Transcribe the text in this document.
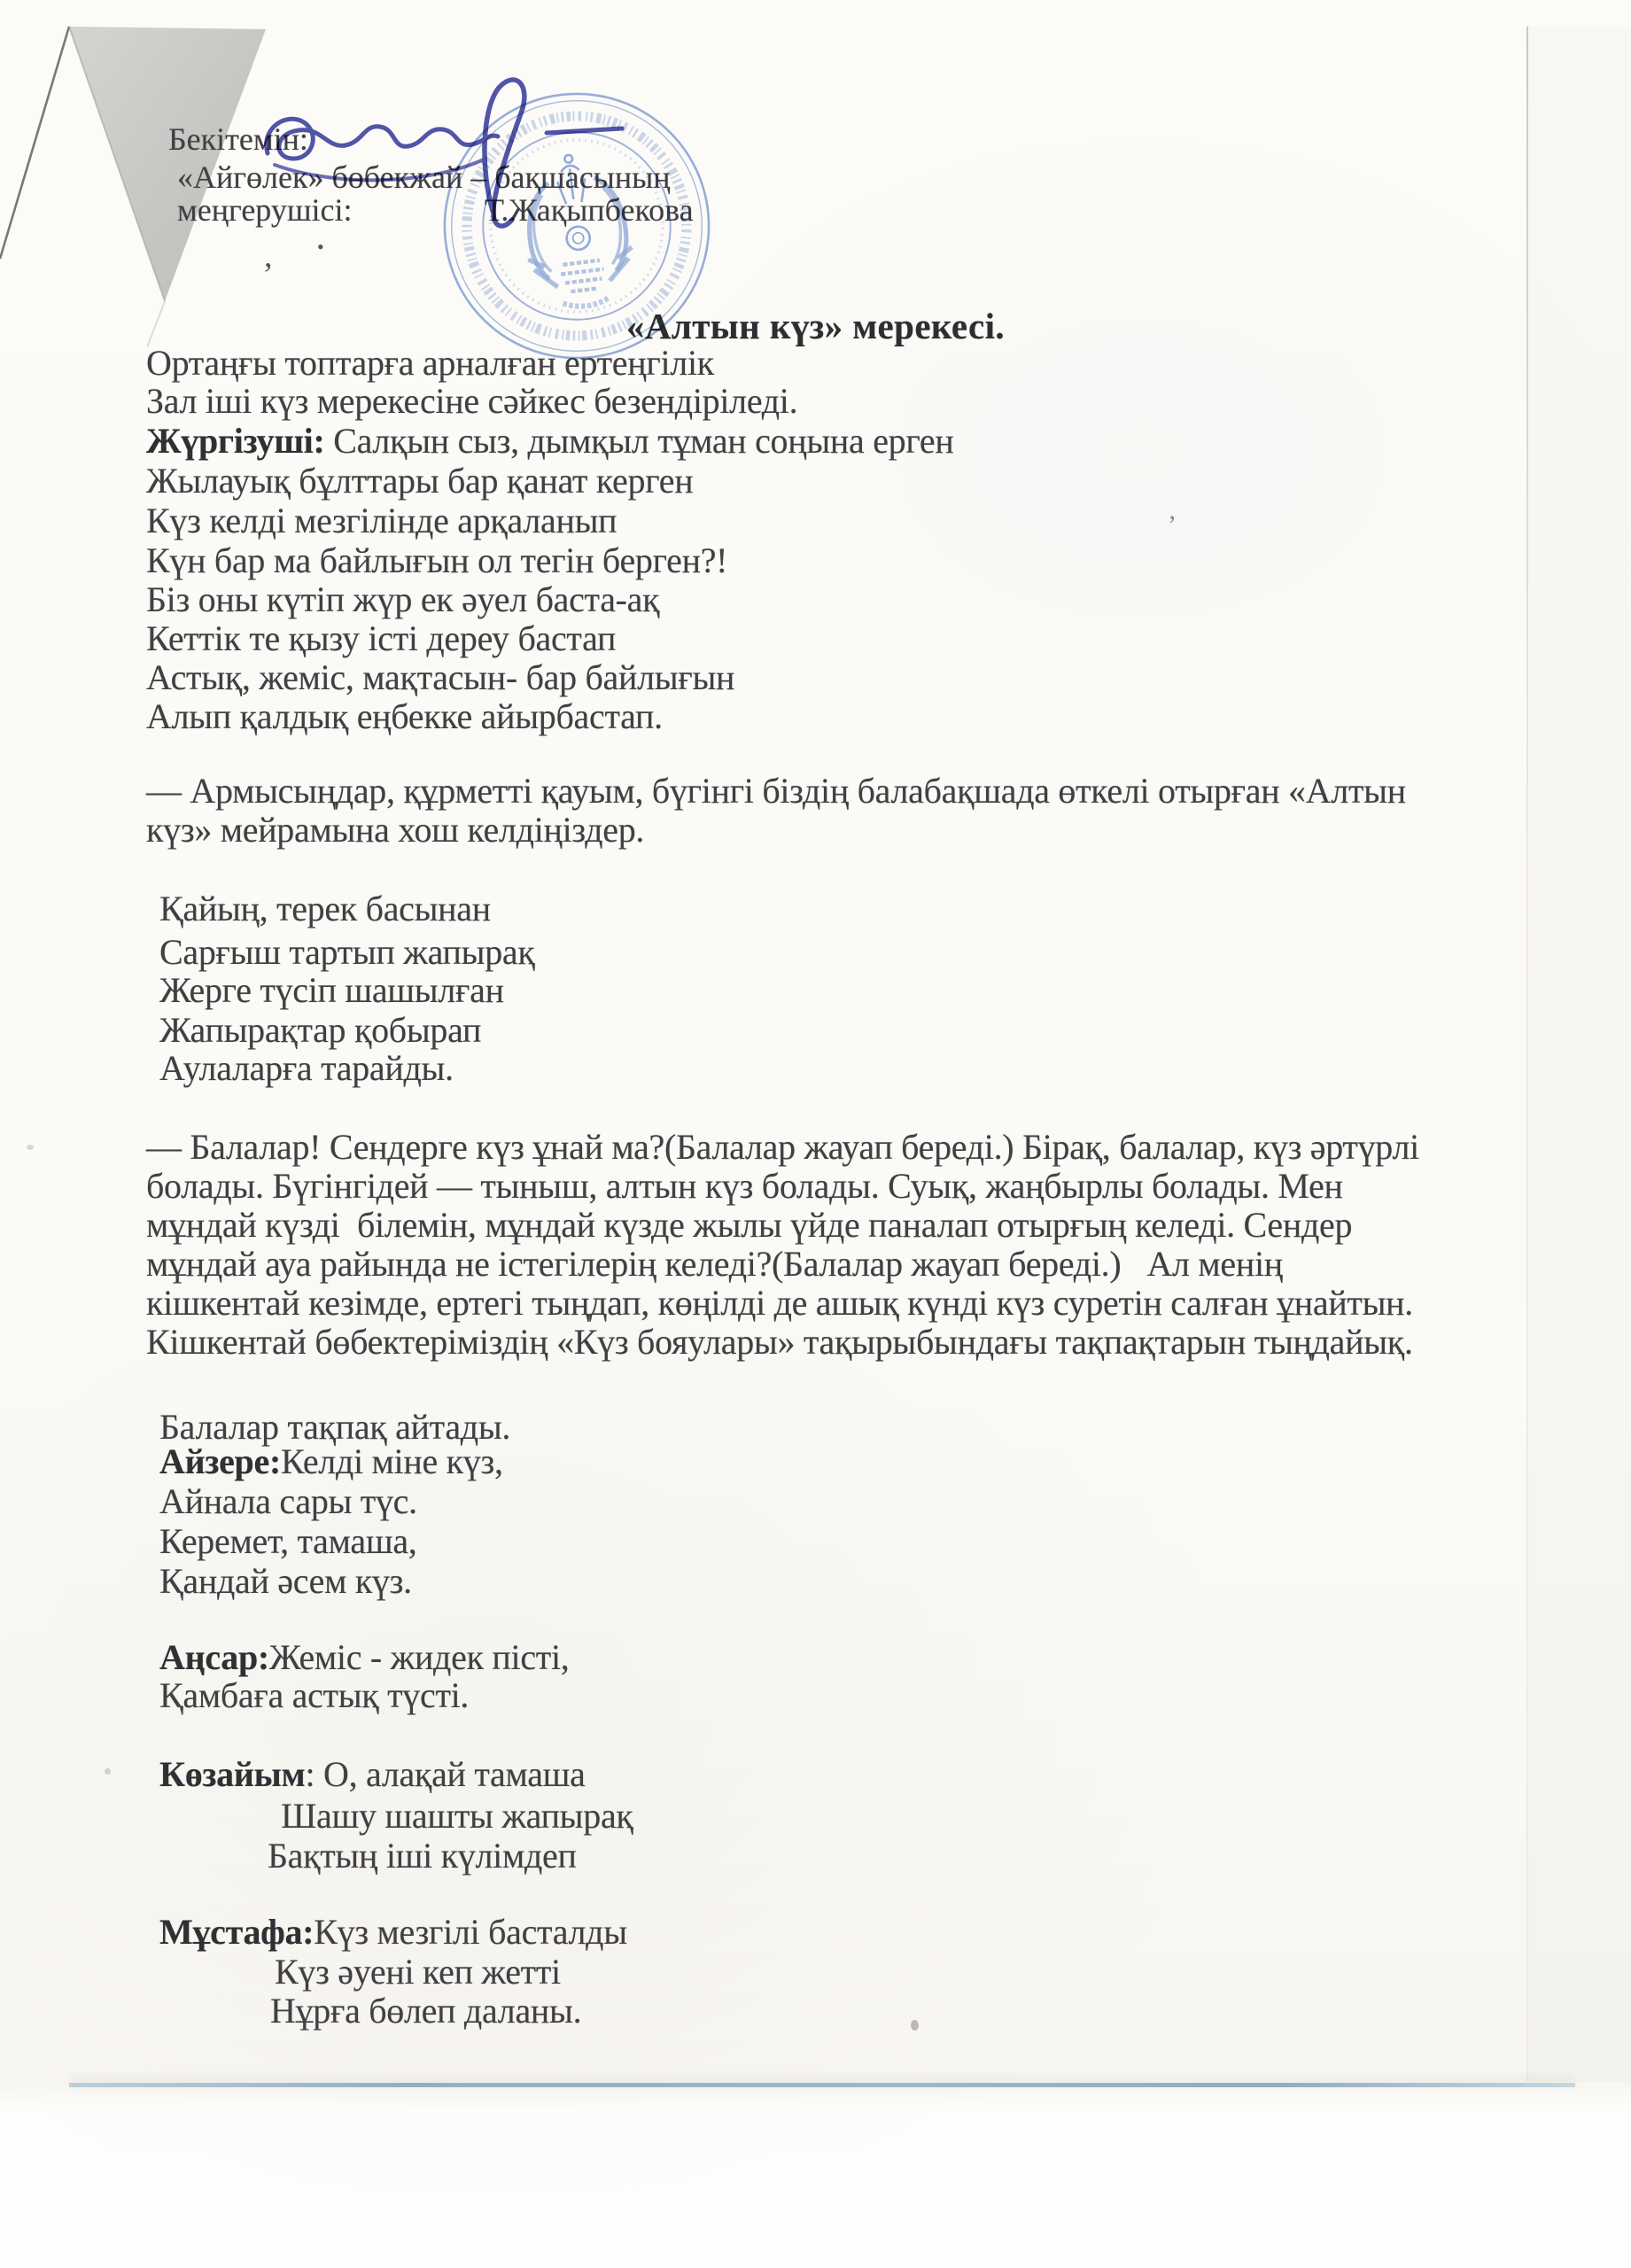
Бекітемін:
«Айгөлек» бөбекжай – бақшасының
меңгерушісі:	Т.Жақыпбекова
, •
’
«Алтын күз» мерекесі.
Ортаңғы топтарға арналған ертеңгілік
Зал іші күз мерекесіне сәйкес безендіріледі.
Жүргізуші: Салқын сыз, дымқыл тұман соңына ерген
Жылауық бұлттары бар қанат керген
Күз келді мезгілінде арқаланып
Күн бар ма байлығын ол тегін берген?!
Біз оны күтіп жүр ек әуел баста-ақ
Кеттік те қызу істі дереу бастап
Астық, жеміс, мақтасын- бар байлығын
Алып қалдық еңбекке айырбастап.
— Армысыңдар, құрметті қауым, бүгінгі біздің балабақшада өткелі отырған «Алтын
күз» мейрамына хош келдіңіздер.
Қайың, терек басынан
Сарғыш тартып жапырақ
Жерге түсіп шашылған
Жапырақтар қобырап
Аулаларға тарайды.
— Балалар! Сендерге күз ұнай ма?(Балалар жауап береді.) Бірақ, балалар, күз әртүрлі
болады. Бүгінгідей — тыныш, алтын күз болады. Суық, жаңбырлы болады. Мен
мұндай күзді  білемін, мұндай күзде жылы үйде паналап отырғың келеді. Сендер
мұндай ауа райында не істегілерің келеді?(Балалар жауап береді.)   Ал менің
кішкентай кезімде, ертегі тыңдап, көңілді де ашық күнді күз суретін салған ұнайтын.
Кішкентай бөбектеріміздің «Күз бояулары» тақырыбындағы тақпақтарын тыңдайық.
Балалар тақпақ айтады.
Айзере:Келді міне күз,
Айнала сары түс.
Керемет, тамаша,
Қандай әсем күз.
Аңсар:Жеміс - жидек пісті,
Қамбаға астық түсті.
Көзайым: О, алақай тамаша
Шашу шашты жапырақ
Бақтың іші күлімдеп
Мұстафа:Күз мезгілі басталды
Күз әуені кеп жетті
Нұрға бөлеп даланы.
